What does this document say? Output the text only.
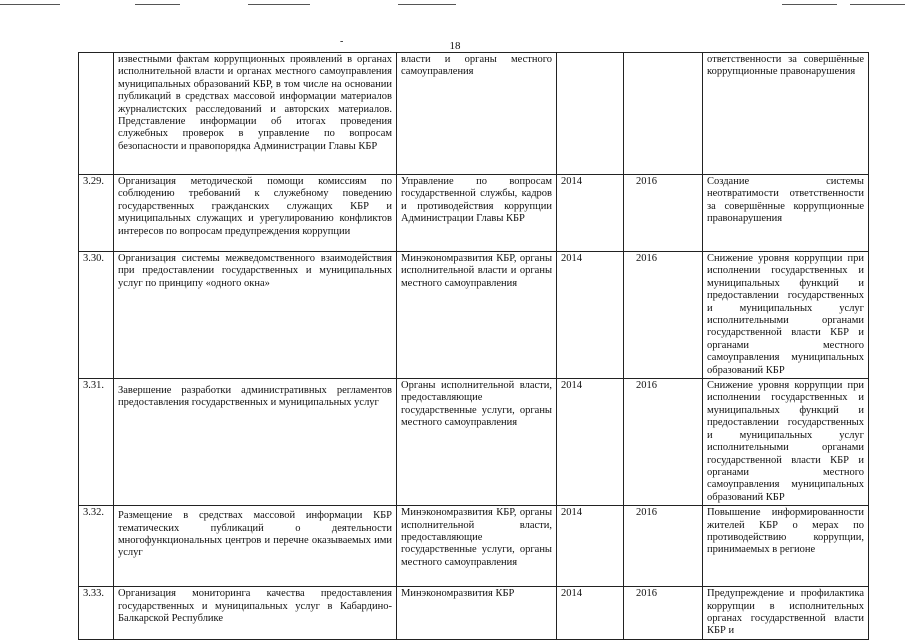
-	18
	известными фактам коррупционных проявлений в органах исполнительной власти и органах местного самоуправления муниципальных образований КБР, в том числе на основании публикаций в средствах массовой информации материалов журналистских расследований и авторских материалов. Представление информации об итогах проведения служебных проверок в управление по вопросам безопасности и правопорядка Администрации Главы КБР	власти и органы местного самоуправления			ответственности за совершённые коррупционные правонарушения
3.29.	Организация методической помощи комиссиям по соблюдению требований к служебному поведению государственных гражданских служащих КБР и муниципальных служащих и урегулированию конфликтов интересов по вопросам предупреждения коррупции	Управление по вопросам государственной службы, кадров и противодействия коррупции Администрации Главы КБР	2014	2016	Создание системы неотвратимости ответственности за совершённые коррупционные правонарушения
3.30.	Организация системы межведомственного взаимодействия при предоставлении государственных и муниципальных услуг по принципу «одного окна»	Минэкономразвития КБР, органы исполнительной власти и органы местного самоуправления	2014	2016	Снижение уровня коррупции при исполнении государственных и муниципальных функций и предоставлении государственных и муниципальных услуг исполнительными органами государственной власти КБР и органами местного самоуправления муниципальных образований КБР
3.31.	Завершение разработки административных регламентов предоставления государственных и муниципальных услуг	Органы исполнительной власти, предоставляющие государственные услуги, органы местного самоуправления	2014	2016	Снижение уровня коррупции при исполнении государственных и муниципальных функций и предоставлении государственных и муниципальных услуг исполнительными органами государственной власти КБР и органами местного самоуправления муниципальных образований КБР
3.32.	Размещение в средствах массовой информации КБР тематических публикаций о деятельности многофункциональных центров и перечне оказываемых ими услуг	Минэкономразвития КБР, органы исполнительной власти, предоставляющие государственные услуги, органы местного самоуправления	2014	2016	Повышение информированности жителей КБР о мерах по противодействию коррупции, принимаемых в регионе
3.33.	Организация мониторинга качества предоставления государственных и муниципальных услуг в Кабардино-Балкарской Республике	Минэкономразвития КБР	2014	2016	Предупреждение и профилактика коррупции в исполнительных органах государственной власти КБР и
